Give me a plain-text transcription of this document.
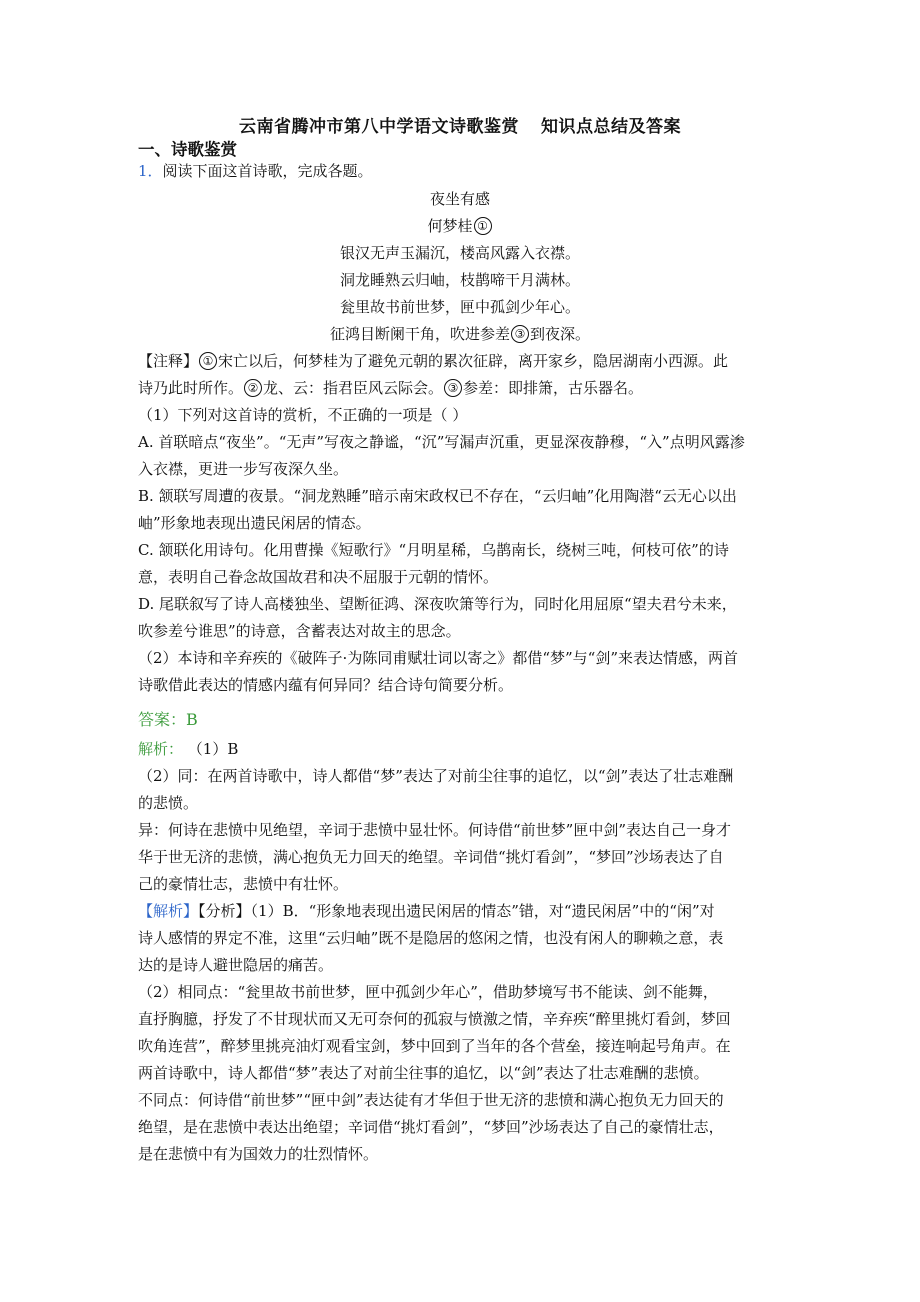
云南省腾冲市第八中学语文诗歌鉴赏 知识点总结及答案
一、诗歌鉴赏
1．阅读下面这首诗歌，完成各题。
夜坐有感
何梦桂 ①
银汉无声玉漏沉，楼高风露入衣襟。
洞龙睡熟云归岫，枝鹊啼干月满林。
瓮里故书前世梦，匣中孤剑少年心。
征鸿目断阑干角，吹进参差 ③ 到夜深。
【注释】 ① 宋亡以后，何梦桂为了避免元朝的累次征辟，离开家乡，隐居湖南小西源。此
诗乃此时所作。 ② 龙、云：指君臣风云际会。 ③ 参差：即排箫，古乐器名。
（1）下列对这首诗的赏析，不正确的一项是（ ）
A. 首联暗点“夜坐”。“无声”写夜之静谧，“沉”写漏声沉重，更显深夜静穆，“入”点明风露渗
入衣襟，更进一步写夜深久坐。
B. 颔联写周遭的夜景。“洞龙熟睡”暗示南宋政权已不存在，“云归岫”化用陶潜“云无心以出
岫”形象地表现出遗民闲居的情态。
C. 颔联化用诗句。化用曹操《短歌行》“月明星稀，乌鹊南长，绕树三吨，何枝可依”的诗
意，表明自己眷念故国故君和决不屈服于元朝的情怀。
D. 尾联叙写了诗人高楼独坐、望断征鸿、深夜吹箫等行为，同时化用屈原“望夫君兮未来，
吹参差兮谁思”的诗意，含蓄表达对故主的思念。
（2）本诗和辛弃疾的《破阵子·为陈同甫赋壮词以寄之》都借“梦”与“剑”来表达情感，两首
诗歌借此表达的情感内蕴有何异同？结合诗句简要分析。
答案：B
解析： （1）B
（2）同：在两首诗歌中，诗人都借“梦”表达了对前尘往事的追忆，以“剑”表达了壮志难酬
的悲愤。
异：何诗在悲愤中见绝望，辛词于悲愤中显壮怀。何诗借“前世梦”匣中剑”表达自己一身才
华于世无济的悲愤，满心抱负无力回天的绝望。辛词借“挑灯看剑”，“梦回”沙场表达了自
己的豪情壮志，悲愤中有壮怀。
【解析】【分析】（1）B．“形象地表现出遗民闲居的情态”错，对“遗民闲居”中的“闲”对
诗人感情的界定不准，这里“云归岫”既不是隐居的悠闲之情，也没有闲人的聊赖之意，表
达的是诗人避世隐居的痛苦。
（2）相同点：“瓮里故书前世梦，匣中孤剑少年心”，借助梦境写书不能读、剑不能舞，
直抒胸臆，抒发了不甘现状而又无可奈何的孤寂与愤激之情，辛弃疾“醉里挑灯看剑，梦回
吹角连营”，醉梦里挑亮油灯观看宝剑，梦中回到了当年的各个营垒，接连响起号角声。在
两首诗歌中，诗人都借“梦”表达了对前尘往事的追忆，以“剑”表达了壮志难酬的悲愤。
不同点：何诗借“前世梦”“匣中剑”表达徒有才华但于世无济的悲愤和满心抱负无力回天的
绝望，是在悲愤中表达出绝望；辛词借“挑灯看剑”，“梦回”沙场表达了自己的豪情壮志，
是在悲愤中有为国效力的壮烈情怀。
